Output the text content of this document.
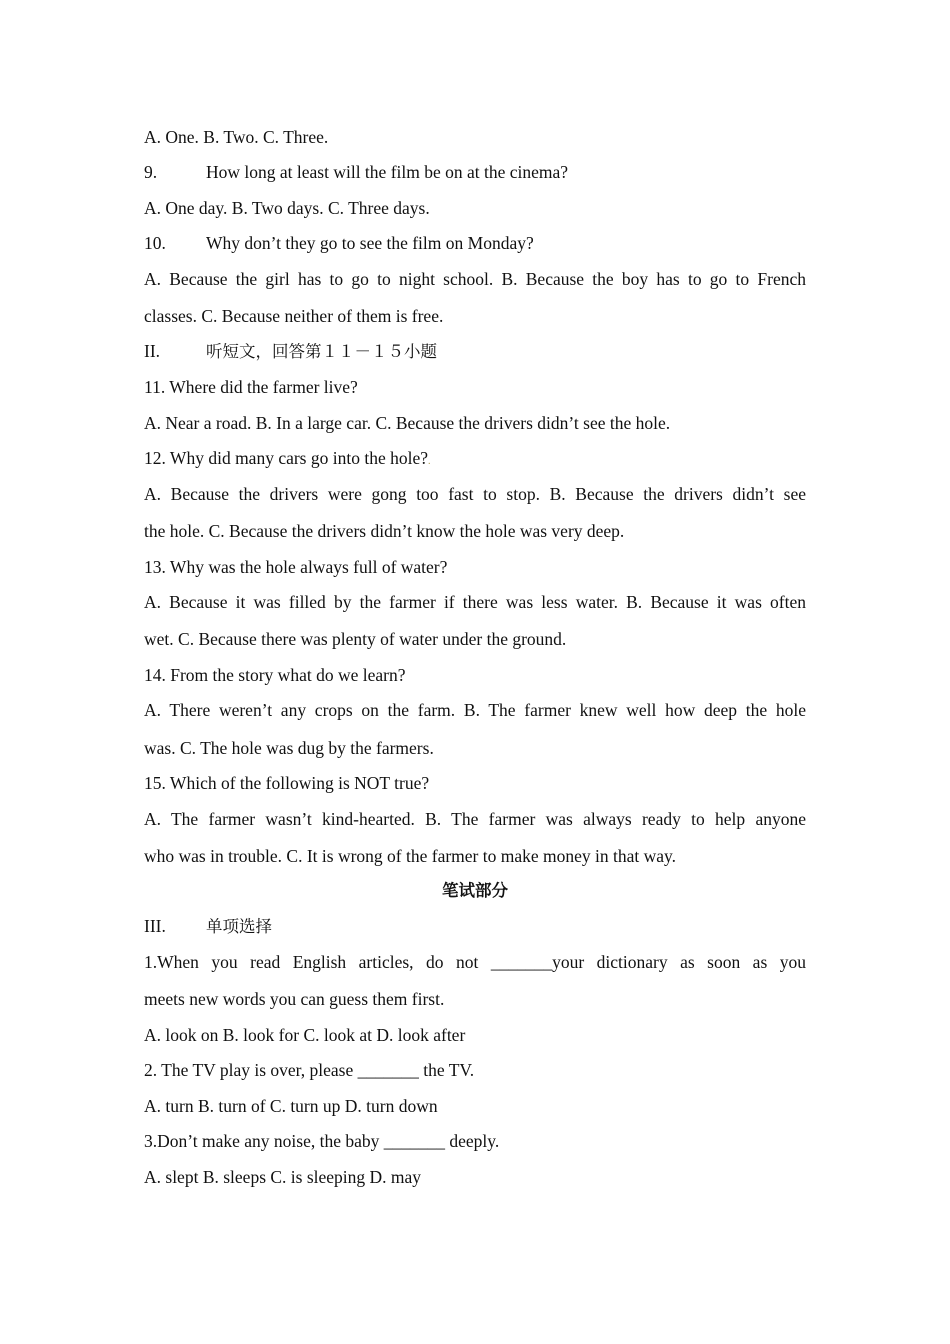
A. One. B. Two. C. Three.
9.	How long at least will the film be on at the cinema?
A. One day. B. Two days. C. Three days.
10. Why don’t they go to see the film on Monday?
A. Because the girl has to go to night school. B. Because the boy has to go to French
classes. C. Because neither of them is free.
II.	听短文，回答第１１－１５小题
11. Where did the farmer live?
A. Near a road. B. In a large car. C. Because the drivers didn’t see the hole.
12. Why did many cars go into the hole?.
A. Because the drivers were gong too fast to stop. B. Because the drivers didn’t see
the hole. C. Because the drivers didn’t know the hole was very deep.
13. Why was the hole always full of water?
A. Because it was filled by the farmer if there was less water. B. Because it was often
wet. C. Because there was plenty of water under the ground.
14. From the story what do we learn?
A. There weren’t any crops on the farm. B. The farmer knew well how deep the hole
was. C. The hole was dug by the farmers.
15. Which of the following is NOT true?
A. The farmer wasn’t kind-hearted. B. The farmer was always ready to help anyone
who was in trouble. C. It is wrong of the farmer to make money in that way.
笔试部分
III. 单项选择
1.When you read English articles, do not _______your dictionary as soon as you
meets new words you can guess them first.
A. look on B. look for C. look at D. look after
2. The TV play is over, please _______ the TV.
A. turn B. turn of C. turn up D. turn down
3.Don’t make any noise, the baby _______ deeply.
A. slept B. sleeps C. is sleeping D. may
